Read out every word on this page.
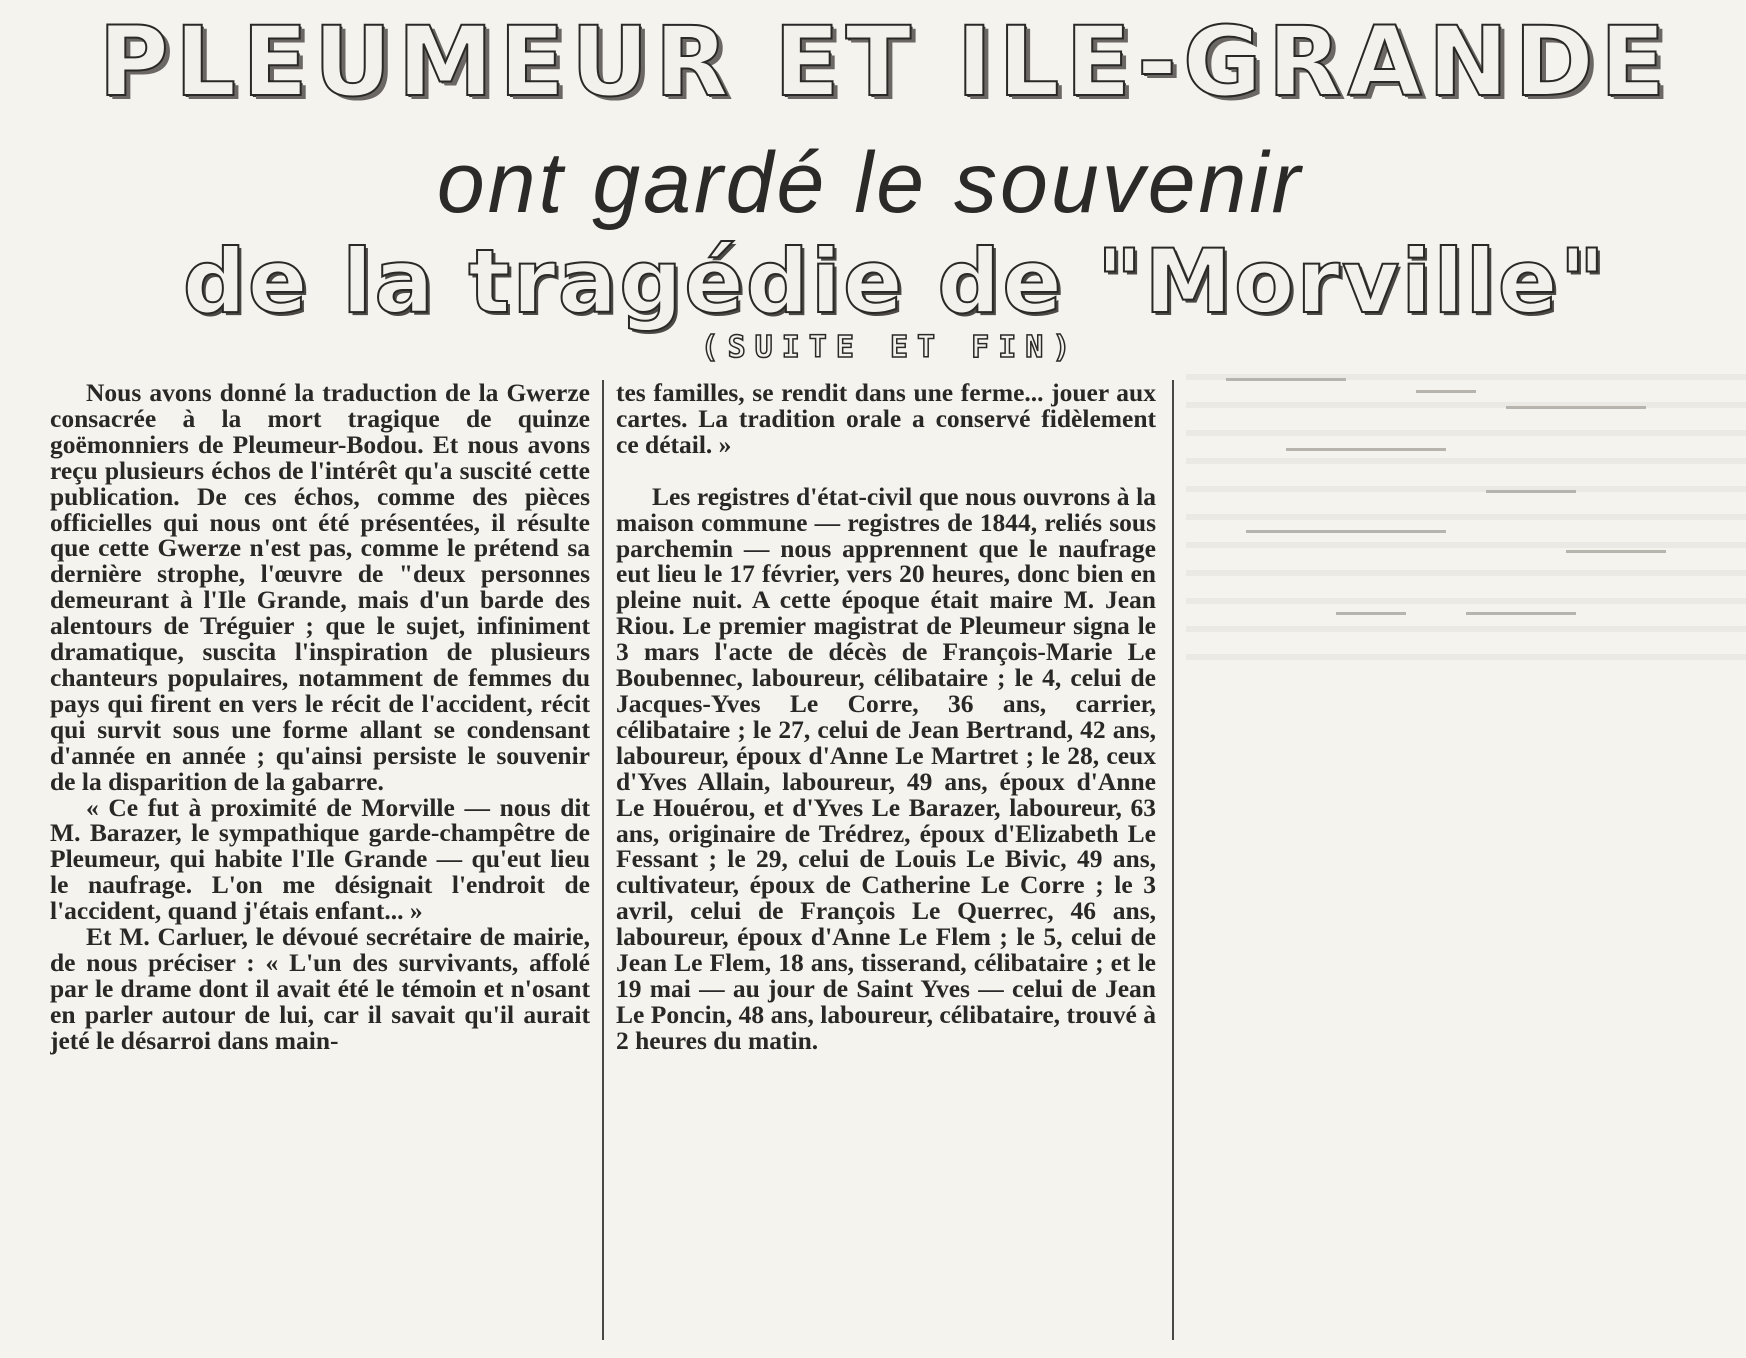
PLEUMEUR ET ILE-GRANDE
ont gardé le souvenir
de la tragédie de "Morville"
(SUITE ET FIN)

Nous avons donné la traduction de la Gwerze consacrée à la mort tragique de quinze goëmonniers de Pleumeur-Bodou. Et nous avons reçu plusieurs échos de l'intérêt qu'a suscité cette publication. De ces échos, comme des pièces officielles qui nous ont été présentées, il résulte que cette Gwerze n'est pas, comme le prétend sa dernière strophe, l'œuvre de "deux personnes demeurant à l'Ile Grande, mais d'un barde des alentours de Tréguier ; que le sujet, infiniment dramatique, suscita l'inspiration de plusieurs chanteurs populaires, notamment de femmes du pays qui firent en vers le récit de l'accident, récit qui survit sous une forme allant se condensant d'année en année ; qu'ainsi persiste le souvenir de la disparition de la gabarre.

« Ce fut à proximité de Morville — nous dit M. Barazer, le sympathique garde-champêtre de Pleumeur, qui habite l'Ile Grande — qu'eut lieu le naufrage. L'on me désignait l'endroit de l'accident, quand j'étais enfant... »

Et M. Carluer, le dévoué secrétaire de mairie, de nous préciser : « L'un des survivants, affolé par le drame dont il avait été le témoin et n'osant en parler autour de lui, car il savait qu'il aurait jeté le désarroi dans main-

tes familles, se rendit dans une ferme... jouer aux cartes. La tradition orale a conservé fidèlement ce détail. »

Les registres d'état-civil que nous ouvrons à la maison commune — registres de 1844, reliés sous parchemin — nous apprennent que le naufrage eut lieu le 17 février, vers 20 heures, donc bien en pleine nuit. A cette époque était maire M. Jean Riou. Le premier magistrat de Pleumeur signa le 3 mars l'acte de décès de François-Marie Le Boubennec, laboureur, célibataire ; le 4, celui de Jacques-Yves Le Corre, 36 ans, carrier, célibataire ; le 27, celui de Jean Bertrand, 42 ans, laboureur, époux d'Anne Le Martret ; le 28, ceux d'Yves Allain, laboureur, 49 ans, époux d'Anne Le Houérou, et d'Yves Le Barazer, laboureur, 63 ans, originaire de Trédrez, époux d'Elizabeth Le Fessant ; le 29, celui de Louis Le Bivic, 49 ans, cultivateur, époux de Catherine Le Corre ; le 3 avril, celui de François Le Querrec, 46 ans, laboureur, époux d'Anne Le Flem ; le 5, celui de Jean Le Flem, 18 ans, tisserand, célibataire ; et le 19 mai — au jour de Saint Yves — celui de Jean Le Poncin, 48 ans, laboureur, célibataire, trouvé à 2 heures du matin.
